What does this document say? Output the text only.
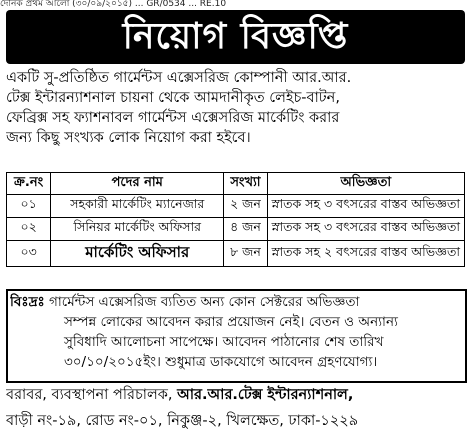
দৈনিক প্রথম আলো (৩০/০৯/২০১৫) ... GR/0534 ... RE.10
নিয়োগ বিজ্ঞপ্তি
একটি সু-প্রতিষ্ঠিত গার্মেন্টস এক্সেসরিজ কোম্পানী আর.আর.
টেক্স ইন্টারন্যাশনাল চায়না থেকে আমদানীকৃত লেইচ-বাটন,
ফেব্রিক্স সহ ফ্যাশনাবল গার্মেন্টস এক্সেসরিজ মার্কেটিং করার
জন্য কিছু সংখ্যক লোক নিয়োগ করা হইবে।
ক্র.নং	পদের নাম	সংখ্যা	অভিজ্ঞতা
০১	সহকারী মার্কেটিং ম্যানেজার	২ জন	স্নাতক সহ ৩ বৎসরের বাস্তব অভিজ্ঞতা
০২	সিনিয়র মার্কেটিং অফিসার	৪ জন	স্নাতক সহ ৩ বৎসরের বাস্তব অভিজ্ঞতা
০৩	মার্কেটিং অফিসার	৮ জন	স্নাতক সহ ২ বৎসরের বাস্তব অভিজ্ঞতা
বিঃদ্রঃ গার্মেন্টস এক্সেসরিজ ব্যতিত অন্য কোন সেক্টরের অভিজ্ঞতা
সম্পন্ন লোকের আবেদন করার প্রয়োজন নেই। বেতন ও অন্যান্য
সুবিধাদি আলোচনা সাপেক্ষে। আবেদন পাঠানোর শেষ তারিখ
৩০/১০/২০১৫ইং। শুধুমাত্র ডাকযোগে আবেদন গ্রহণযোগ্য।
বরাবর, ব্যবস্থাপনা পরিচালক, আর.আর.টেক্স ইন্টারন্যাশনাল,
বাড়ী নং-১৯, রোড নং-০১, নিকুঞ্জ-২, খিলক্ষেত, ঢাকা-১২২৯
